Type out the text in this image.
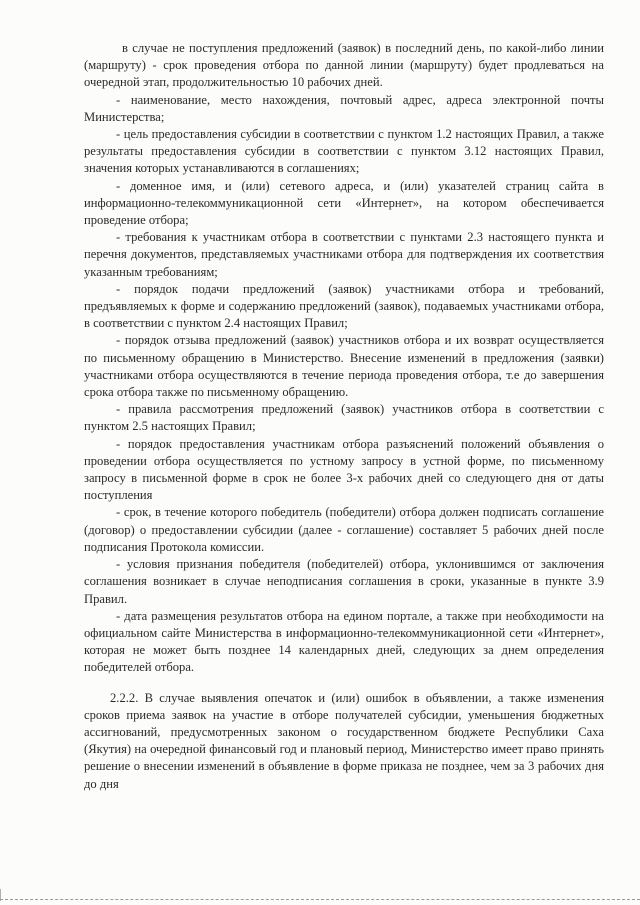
в случае не поступления предложений (заявок) в последний день, по какой-либо линии (маршруту) - срок проведения отбора по данной линии (маршруту) будет продлеваться на очередной этап, продолжительностью 10 рабочих дней.

- наименование, место нахождения, почтовый адрес, адреса электронной почты Министерства;

- цель предоставления субсидии в соответствии с пунктом 1.2 настоящих Правил, а также результаты предоставления субсидии в соответствии с пунктом 3.12 настоящих Правил, значения которых устанавливаются в соглашениях;

- доменное имя, и (или) сетевого адреса, и (или) указателей страниц сайта в информационно-телекоммуникационной сети «Интернет», на котором обеспечивается проведение отбора;

- требования к участникам отбора в соответствии с пунктами 2.3 настоящего пункта и перечня документов, представляемых участниками отбора для подтверждения их соответствия указанным требованиям;

- порядок подачи предложений (заявок) участниками отбора и требований, предъявляемых к форме и содержанию предложений (заявок), подаваемых участниками отбора, в соответствии с пунктом 2.4 настоящих Правил;

- порядок отзыва предложений (заявок) участников отбора и их возврат осуществляется по письменному обращению в Министерство. Внесение изменений в предложения (заявки) участниками отбора осуществляются в течение периода проведения отбора, т.е до завершения срока отбора также по письменному обращению.

- правила рассмотрения предложений (заявок) участников отбора в соответствии с пунктом 2.5 настоящих Правил;

- порядок предоставления участникам отбора разъяснений положений объявления о проведении отбора осуществляется по устному запросу в устной форме, по письменному запросу в письменной форме в срок не более 3-х рабочих дней со следующего дня от даты поступления

- срок, в течение которого победитель (победители) отбора должен подписать соглашение (договор) о предоставлении субсидии (далее - соглашение) составляет 5 рабочих дней после подписания Протокола комиссии.

- условия признания победителя (победителей) отбора, уклонившимся от заключения соглашения возникает в случае неподписания соглашения в сроки, указанные в пункте 3.9 Правил.

- дата размещения результатов отбора на едином портале, а также при необходимости на официальном сайте Министерства в информационно-телекоммуникационной сети «Интернет», которая не может быть позднее 14 календарных дней, следующих за днем определения победителей отбора.

2.2.2. В случае выявления опечаток и (или) ошибок в объявлении, а также изменения сроков приема заявок на участие в отборе получателей субсидии, уменьшения бюджетных ассигнований, предусмотренных законом о государственном бюджете Республики Саха (Якутия) на очередной финансовый год и плановый период, Министерство имеет право принять решение о внесении изменений в объявление в форме приказа не позднее, чем за 3 рабочих дня до дня
